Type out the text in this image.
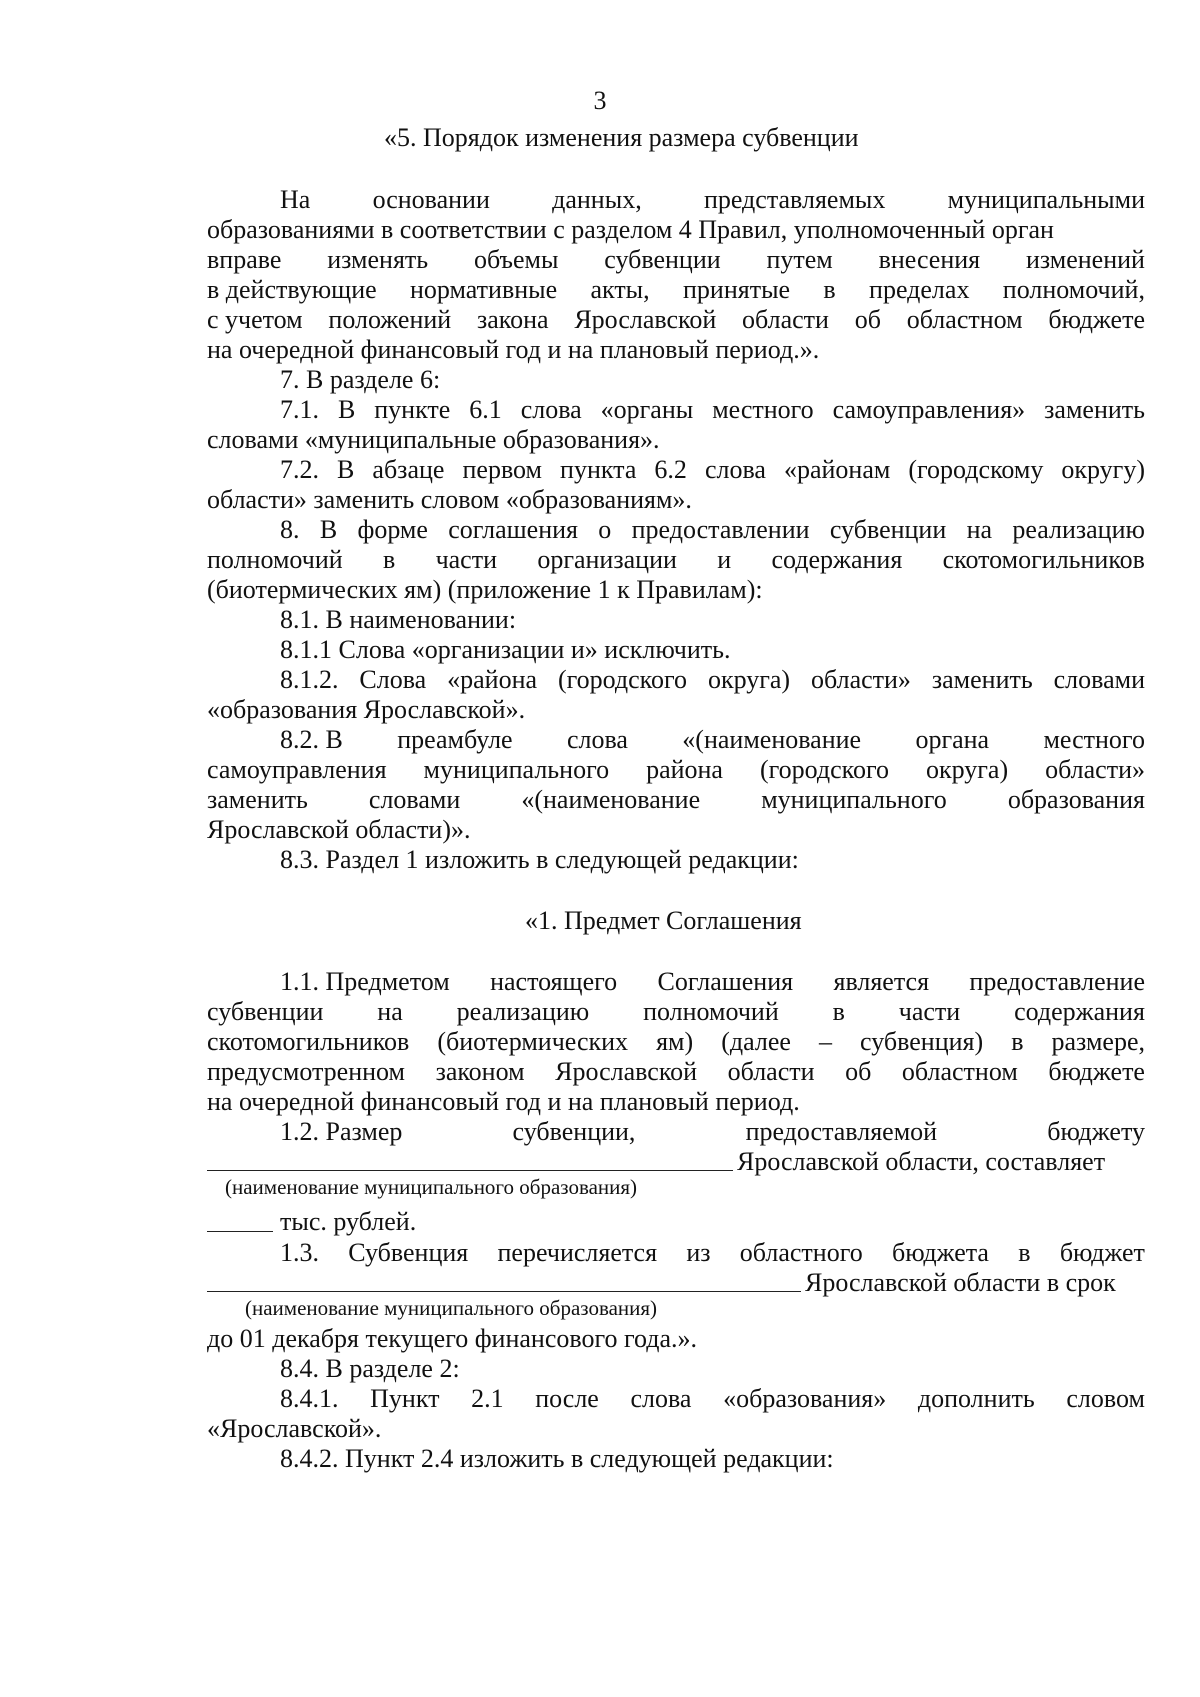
3
«5. Порядок изменения размера субвенции
На основании данных, представляемых муниципальными
образованиями в соответствии с разделом 4 Правил, уполномоченный орган
вправе изменять объемы субвенции путем внесения изменений
в действующие нормативные акты, принятые в пределах полномочий,
с учетом положений закона Ярославской области об областном бюджете
на очередной финансовый год и на плановый период.».
7. В разделе 6:
7.1. В пункте 6.1 слова «органы местного самоуправления» заменить
словами «муниципальные образования».
7.2. В абзаце первом пункта 6.2 слова «районам (городскому округу)
области» заменить словом «образованиям».
8. В форме соглашения о предоставлении субвенции на реализацию
полномочий в части организации и содержания скотомогильников
(биотермических ям) (приложение 1 к Правилам):
8.1. В наименовании:
8.1.1 Слова «организации и» исключить.
8.1.2. Слова «района (городского округа) области» заменить словами
«образования Ярославской».
8.2. В преамбуле слова «(наименование органа местного
самоуправления муниципального района (городского округа) области»
заменить словами «(наименование муниципального образования
Ярославской области)».
8.3. Раздел 1 изложить в следующей редакции:
«1. Предмет Соглашения
1.1. Предметом настоящего Соглашения является предоставление
субвенции на реализацию полномочий в части содержания
скотомогильников (биотермических ям) (далее – субвенция) в размере,
предусмотренном законом Ярославской области об областном бюджете
на очередной финансовый год и на плановый период.
1.2. Размер	субвенции,	предоставляемой	бюджету
Ярославской области, составляет
(наименование муниципального образования)
тыс. рублей.
1.3. Субвенция перечисляется из областного бюджета в бюджет
Ярославской области в срок
(наименование муниципального образования)
до 01 декабря текущего финансового года.».
8.4. В разделе 2:
8.4.1. Пункт 2.1 после слова «образования» дополнить словом
«Ярославской».
8.4.2. Пункт 2.4 изложить в следующей редакции:
